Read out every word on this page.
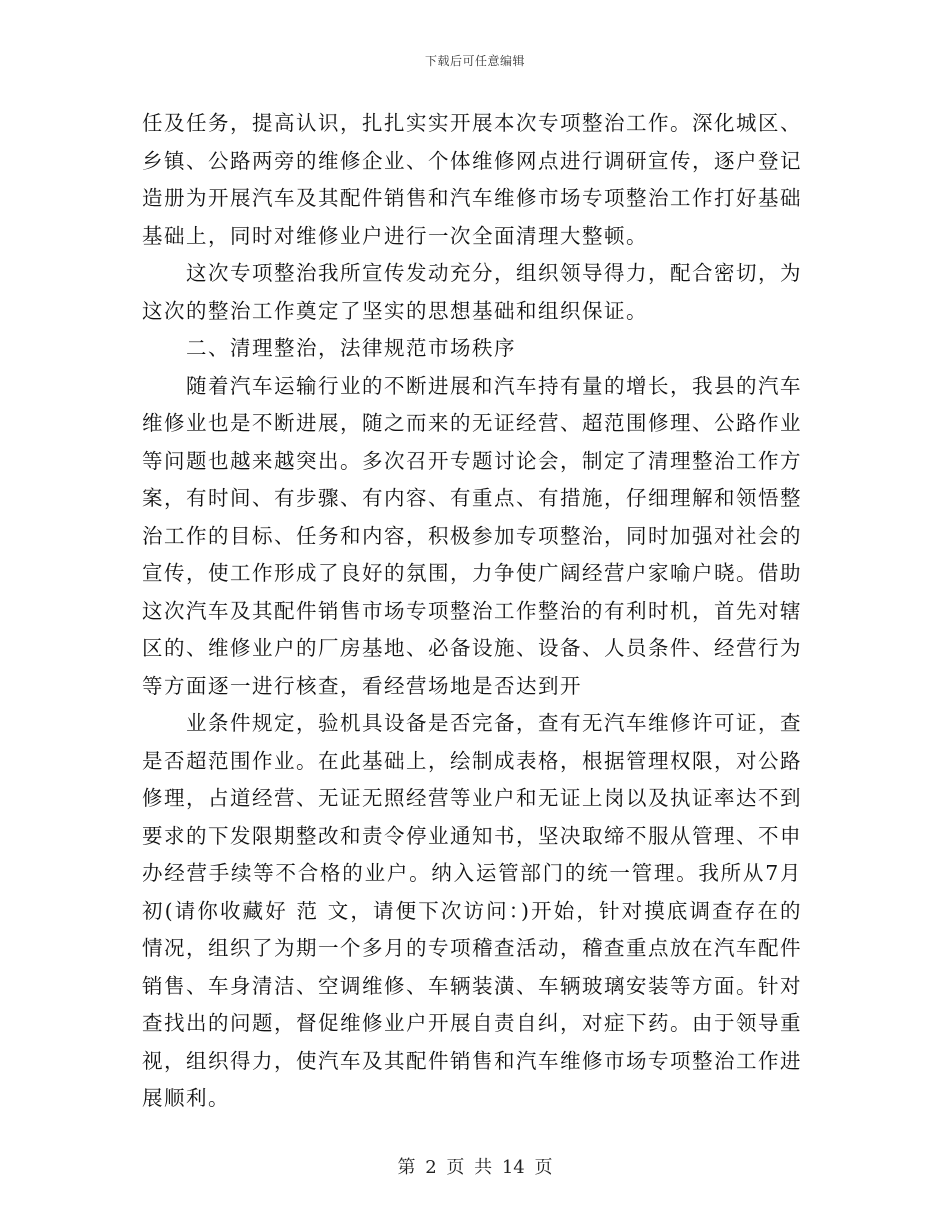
下载后可任意编辑

任及任务，提高认识，扎扎实实开展本次专项整治工作。深化城区、乡镇、公路两旁的维修企业、个体维修网点进行调研宣传，逐户登记造册为开展汽车及其配件销售和汽车维修市场专项整治工作打好基础基础上，同时对维修业户进行一次全面清理大整顿。

这次专项整治我所宣传发动充分，组织领导得力，配合密切，为这次的整治工作奠定了坚实的思想基础和组织保证。

二、清理整治，法律规范市场秩序

随着汽车运输行业的不断进展和汽车持有量的增长，我县的汽车维修业也是不断进展，随之而来的无证经营、超范围修理、公路作业等问题也越来越突出。多次召开专题讨论会，制定了清理整治工作方案，有时间、有步骤、有内容、有重点、有措施，仔细理解和领悟整治工作的目标、任务和内容，积极参加专项整治，同时加强对社会的宣传，使工作形成了良好的氛围，力争使广阔经营户家喻户晓。借助这次汽车及其配件销售市场专项整治工作整治的有利时机，首先对辖区的、维修业户的厂房基地、必备设施、设备、人员条件、经营行为等方面逐一进行核查，看经营场地是否达到开

业条件规定，验机具设备是否完备，查有无汽车维修许可证，查是否超范围作业。在此基础上，绘制成表格，根据管理权限，对公路修理，占道经营、无证无照经营等业户和无证上岗以及执证率达不到要求的下发限期整改和责令停业通知书，坚决取缔不服从管理、不申办经营手续等不合格的业户。纳入运管部门的统一管理。我所从7月初(请你收藏好 范 文，请便下次访问：)开始，针对摸底调查存在的情况，组织了为期一个多月的专项稽查活动，稽查重点放在汽车配件销售、车身清洁、空调维修、车辆装潢、车辆玻璃安装等方面。针对查找出的问题，督促维修业户开展自责自纠，对症下药。由于领导重视，组织得力，使汽车及其配件销售和汽车维修市场专项整治工作进展顺利。

第 2 页 共 14 页
